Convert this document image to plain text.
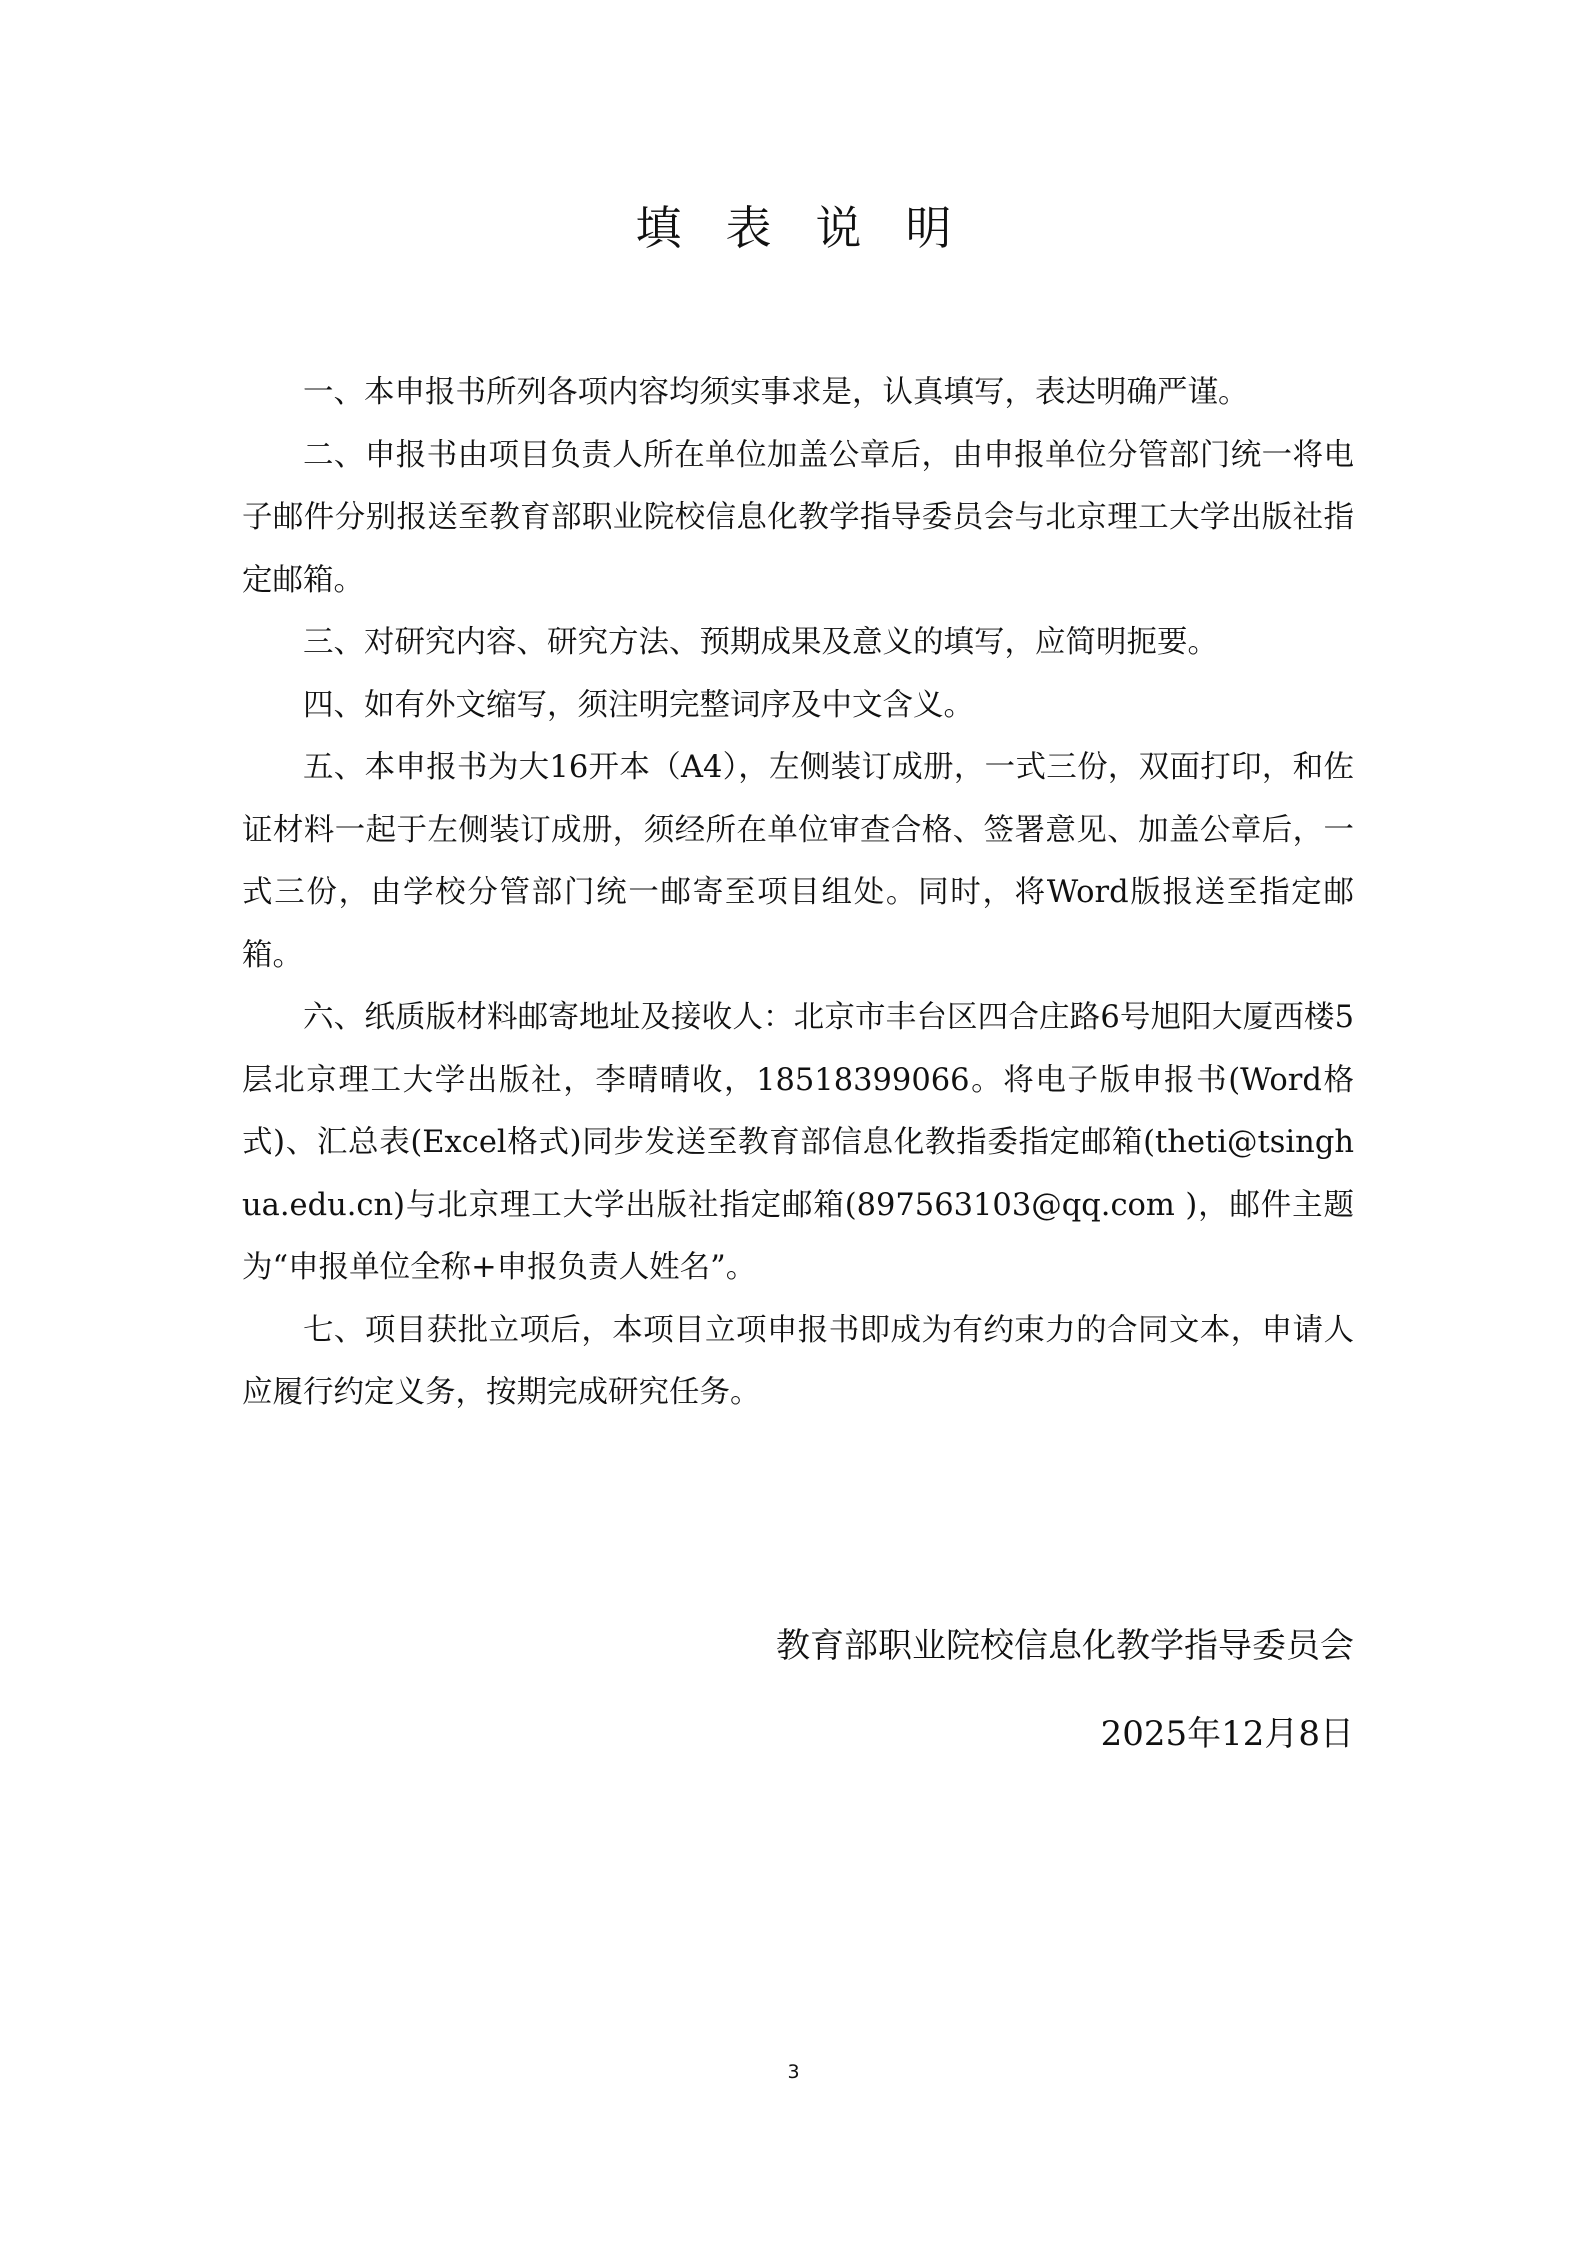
填表说明

一、本申报书所列各项内容均须实事求是，认真填写，表达明确严谨。

二、申报书由项目负责人所在单位加盖公章后，由申报单位分管部门统一将电子邮件分别报送至教育部职业院校信息化教学指导委员会与北京理工大学出版社指定邮箱。

三、对研究内容、研究方法、预期成果及意义的填写，应简明扼要。

四、如有外文缩写，须注明完整词序及中文含义。

五、本申报书为大16开本（A4），左侧装订成册，一式三份，双面打印，和佐证材料一起于左侧装订成册，须经所在单位审查合格、签署意见、加盖公章后，一式三份，由学校分管部门统一邮寄至项目组处。同时，将Word版报送至指定邮箱。

六、纸质版材料邮寄地址及接收人：北京市丰台区四合庄路6号旭阳大厦西楼5层北京理工大学出版社，李晴晴收，18518399066。将电子版申报书(Word格式)、汇总表(Excel格式)同步发送至教育部信息化教指委指定邮箱(theti@tsinghua.edu.cn)与北京理工大学出版社指定邮箱(897563103@qq.com )，邮件主题为“申报单位全称+申报负责人姓名”。

七、项目获批立项后，本项目立项申报书即成为有约束力的合同文本，申请人应履行约定义务，按期完成研究任务。

教育部职业院校信息化教学指导委员会
2025年12月8日
3
